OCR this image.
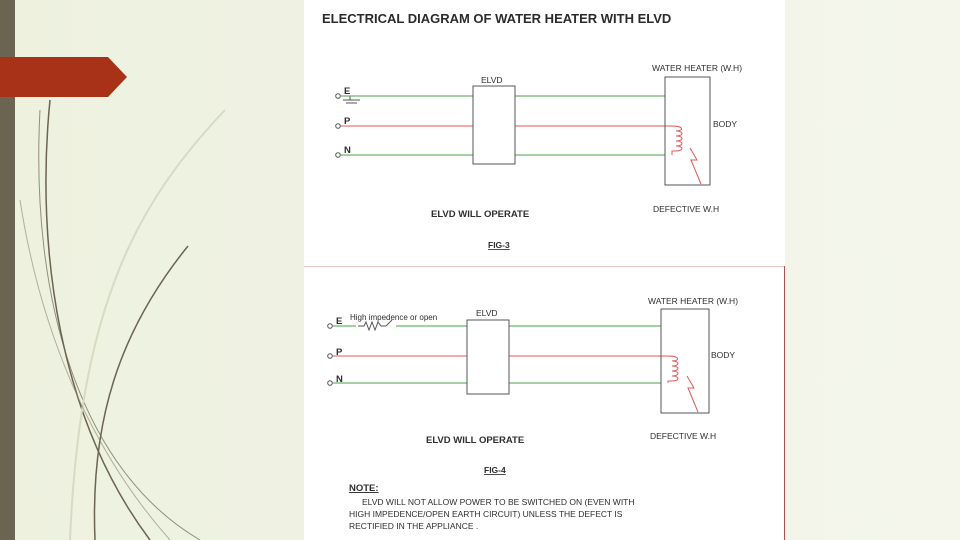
ELECTRICAL DIAGRAM OF WATER HEATER WITH ELVD
E
P
N
ELVD
WATER HEATER (W.H)
BODY
ELVD WILL OPERATE	DEFECTIVE W.H
FIG-3
E
P
N
High impedence or open	ELVD
WATER HEATER (W.H)
BODY
ELVD WILL OPERATE	DEFECTIVE W.H
FIG-4
NOTE:
ELVD WILL NOT ALLOW POWER TO BE SWITCHED ON (EVEN WITH
HIGH IMPEDENCE/OPEN EARTH CIRCUIT) UNLESS THE DEFECT IS
RECTIFIED IN THE APPLIANCE .
